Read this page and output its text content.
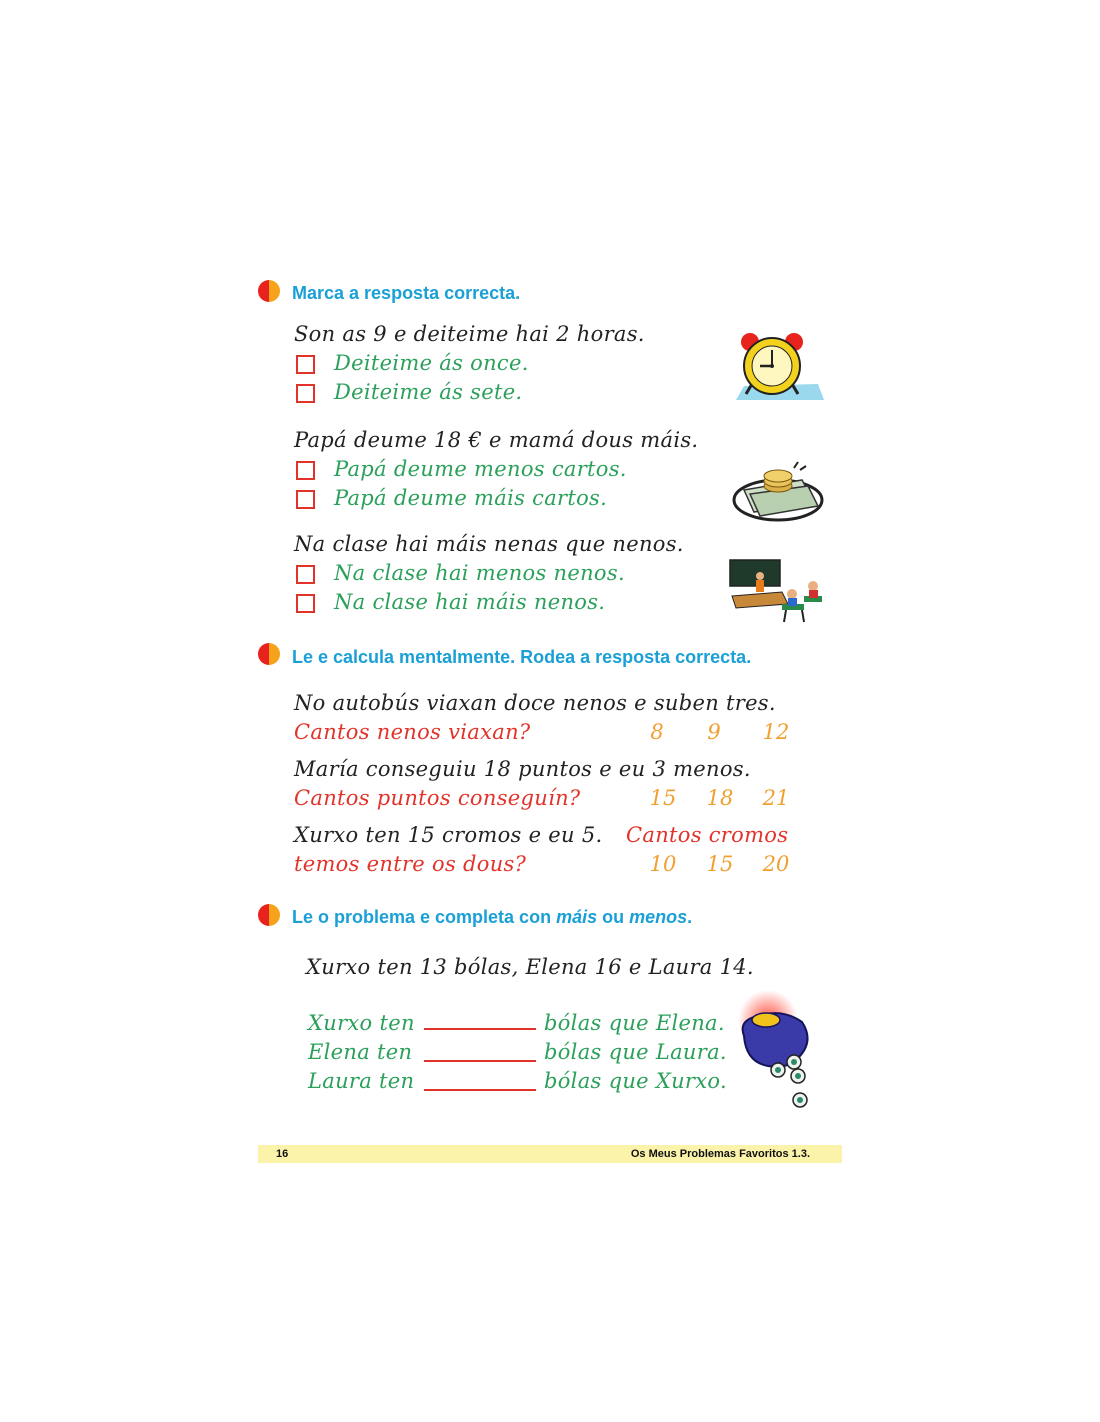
Marca a resposta correcta.
Son as 9 e deiteime hai 2 horas.
Deiteime ás once.
Deiteime ás sete.
Papá deume 18 € e mamá dous máis.
Papá deume menos cartos.
Papá deume máis cartos.
Na clase hai máis nenas que nenos.
Na clase hai menos nenos.
Na clase hai máis nenos.
Le e calcula mentalmente. Rodea a resposta correcta.
No autobús viaxan doce nenos e suben tres.
Cantos nenos viaxan?	8	9	12
María conseguiu 18 puntos e eu 3 menos.
Cantos puntos conseguín?	15	18	21
Xurxo ten 15 cromos e eu 5. Cantos cromos
temos entre os dous?	10	15	20
Le o problema e completa con máis ou menos.
Xurxo ten 13 bólas, Elena 16 e Laura 14.
Xurxo ten	bólas que Elena.
Elena ten	bólas que Laura.
Laura ten	bólas que Xurxo.
16	Os Meus Problemas Favoritos 1.3.
